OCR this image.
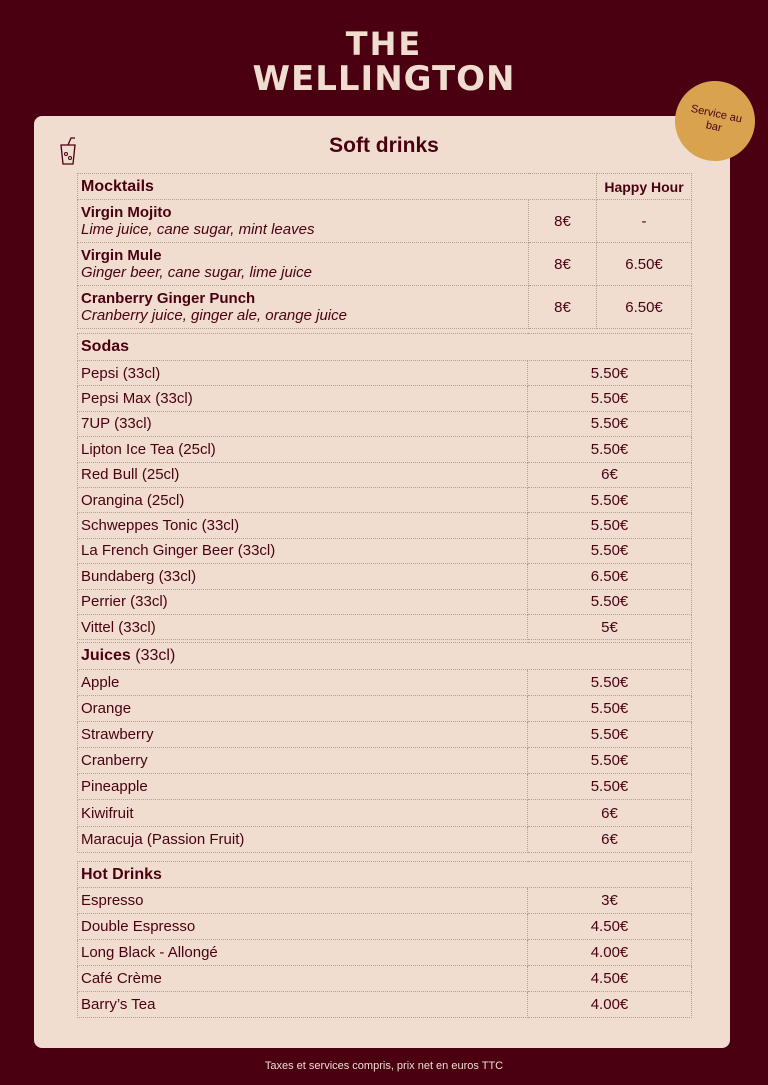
THE
WELLINGTON
Service au bar
Soft drinks
Mocktails		Happy Hour

Virgin Mojito
Lime juice, cane sugar, mint leaves	8€	-

Virgin Mule
Ginger beer, cane sugar, lime juice	8€	6.50€

Cranberry Ginger Punch
Cranberry juice, ginger ale, orange juice	8€	6.50€
Sodas	
Pepsi (33cl)	5.50€
Pepsi Max (33cl)	5.50€
7UP (33cl)	5.50€
Lipton Ice Tea (25cl)	5.50€
Red Bull (25cl)	6€
Orangina (25cl)	5.50€
Schweppes Tonic (33cl)	5.50€
La French Ginger Beer (33cl)	5.50€
Bundaberg (33cl)	6.50€
Perrier (33cl)	5.50€
Vittel (33cl)	5€
Juices (33cl)	
Apple	5.50€
Orange	5.50€
Strawberry	5.50€
Cranberry	5.50€
Pineapple	5.50€
Kiwifruit	6€
Maracuja (Passion Fruit)	6€
Hot Drinks	
Espresso	3€
Double Espresso	4.50€
Long Black - Allongé	4.00€
Café Crème	4.50€
Barry’s Tea	4.00€
Taxes et services compris, prix net en euros TTC
